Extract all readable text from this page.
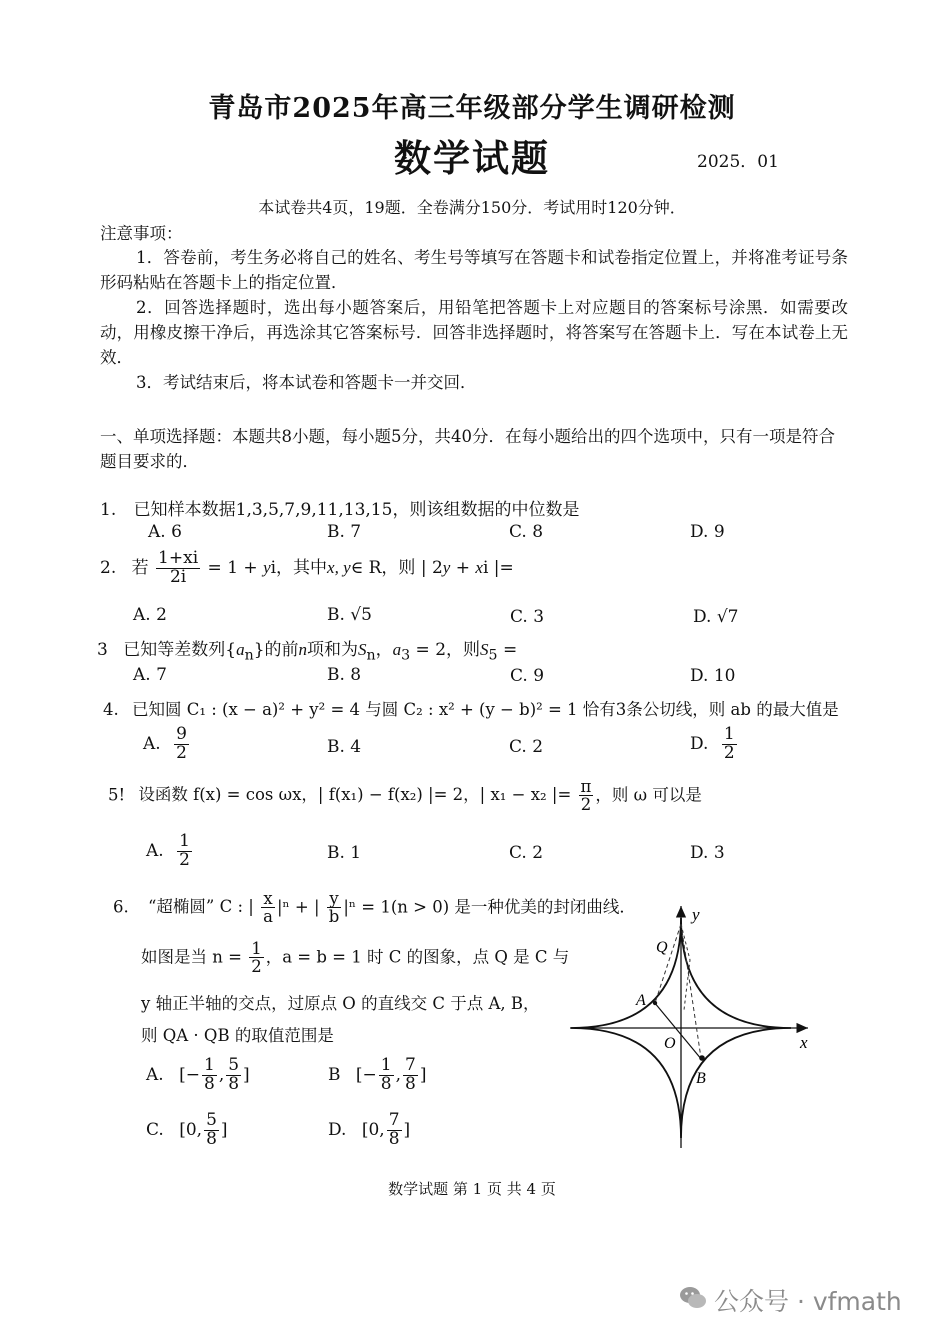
青岛市2025年高三年级部分学生调研检测
数学试题	2025．01
本试卷共4页，19题．全卷满分150分．考试用时120分钟．
注意事项：
1．答卷前，考生务必将自己的姓名、考生号等填写在答题卡和试卷指定位置上，并将准考证号条形码粘贴在答题卡上的指定位置．
2．回答选择题时，选出每小题答案后，用铅笔把答题卡上对应题目的答案标号涂黑．如需要改动，用橡皮擦干净后，再选涂其它答案标号．回答非选择题时，将答案写在答题卡上．写在本试卷上无效．
3．考试结束后，将本试卷和答题卡一并交回．
一、单项选择题：本题共8小题，每小题5分，共40分．在每小题给出的四个选项中，只有一项是符合题目要求的．
1. 已知样本数据1,3,5,7,9,11,13,15，则该组数据的中位数是
A. 6	B. 7	C. 8	D. 9
2. 若 $\frac{1+xi}{2i} = 1$ + yi，其中x, y∈ R，则 | 2y + xi |=
A. 2	B. √5	C. 3	D. √7
3 已知等差数列$\{a_n\}$的前n项和为$S_n$，$a_3 = 2$，则$S_5$ =
A. 7	B. 8	C. 9	D. 10
4. 已知圆 C₁ : (x − a)² + y² = 4 与圆 C₂ : x² + (y − b)² = 1 恰有3条公切线，则 ab 的最大值是
A. $\frac{9}{2}$	B. 4	C. 2	D. $\frac{1}{2}$
5! 设函数 f(x) = cos ωx，| f(x₁) − f(x₂) |= 2，| x₁ − x₂ |= $\frac{\pi}{2}$ ，则 ω 可以是
A. $\frac{1}{2}$	B. 1	C. 2	D. 3
6. “超椭圆” C : | $\frac{x}{a} |^n$ + | $\frac{y}{b} |^n = 1(n > 0)$ 是一种优美的封闭曲线．
如图是当 $n = \frac{1}{2}$ ，a = b = 1 时 C 的图象，点 Q 是 C 与
y 轴正半轴的交点，过原点 O 的直线交 C 于点 A, B，
则 QA · QB 的取值范围是
A. [− $\frac{1}{8}$ , $\frac{5}{8}$ ]	B [− $\frac{1}{8}$ , $\frac{7}{8}$ ]
C. [0, $\frac{5}{8}$ ]	D. [0, $\frac{7}{8}$ ]
y
x
Q
A
O
B
数学试题 第 1 页 共 4 页
公众号 · vfmath
